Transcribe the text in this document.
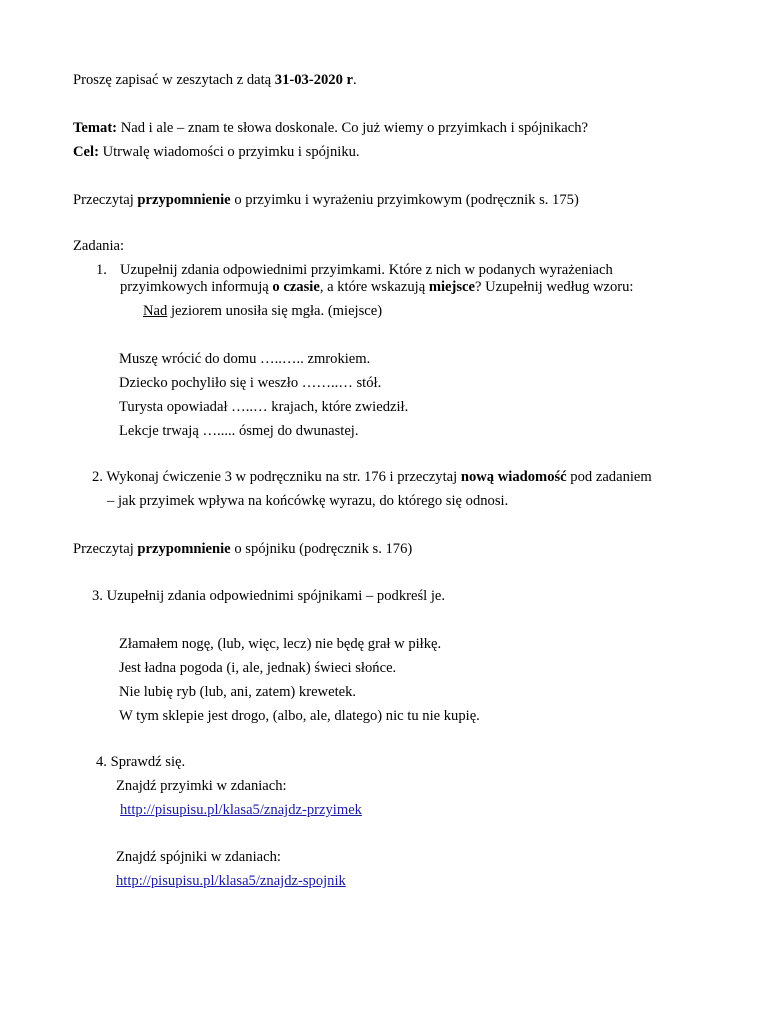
Proszę zapisać w zeszytach z datą 31-03-2020 r.
Temat: Nad i ale – znam te słowa doskonale. Co już wiemy o przyimkach i spójnikach?
Cel: Utrwalę wiadomości o przyimku i spójniku.
Przeczytaj przypomnienie o przyimku i wyrażeniu przyimkowym (podręcznik s. 175)
Zadania:
1. Uzupełnij zdania odpowiednimi przyimkami. Które z nich w podanych wyrażeniach
przyimkowych informują o czasie, a które wskazują miejsce? Uzupełnij według wzoru:
Nad jeziorem unosiła się mgła. (miejsce)
Muszę wrócić do domu …..….. zmrokiem.
Dziecko pochyliło się i weszło ……..… stół.
Turysta opowiadał …..… krajach, które zwiedził.
Lekcje trwają …..... ósmej do dwunastej.
2. Wykonaj ćwiczenie 3 w podręczniku na str. 176 i przeczytaj nową wiadomość pod zadaniem
– jak przyimek wpływa na końcówkę wyrazu, do którego się odnosi.
Przeczytaj przypomnienie o spójniku (podręcznik s. 176)
3. Uzupełnij zdania odpowiednimi spójnikami – podkreśl je.
Złamałem nogę, (lub, więc, lecz) nie będę grał w piłkę.
Jest ładna pogoda (i, ale, jednak) świeci słońce.
Nie lubię ryb (lub, ani, zatem) krewetek.
W tym sklepie jest drogo, (albo, ale, dlatego) nic tu nie kupię.
4. Sprawdź się.
Znajdź przyimki w zdaniach:
http://pisupisu.pl/klasa5/znajdz-przyimek
Znajdź spójniki w zdaniach:
http://pisupisu.pl/klasa5/znajdz-spojnik
